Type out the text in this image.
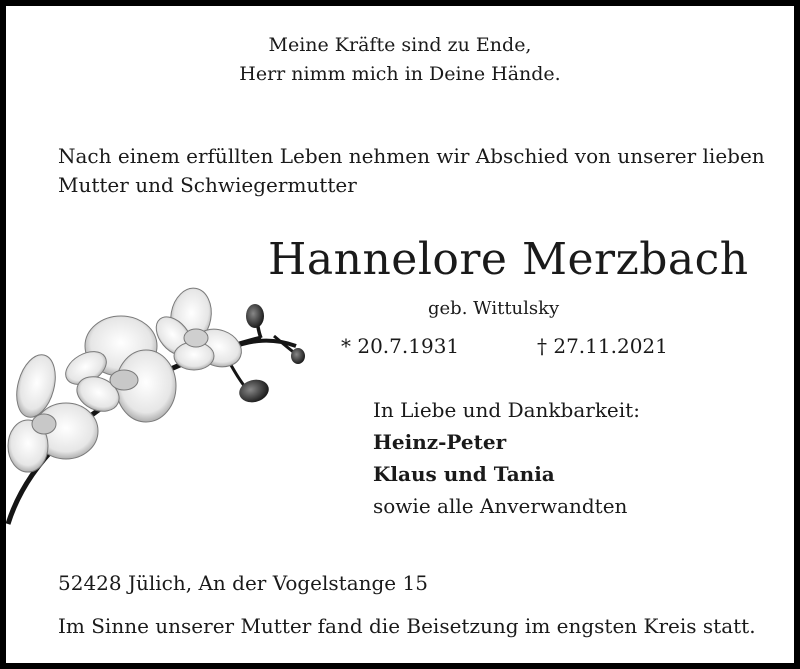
Meine Kräfte sind zu Ende,
Herr nimm mich in Deine Hände.
Nach einem erfüllten Leben nehmen wir Abschied von unserer lieben
Mutter und Schwiegermutter
Hannelore Merzbach
geb. Wittulsky
* 20.7.1931	† 27.11.2021
In Liebe und Dankbarkeit:
Heinz-Peter
Klaus und Tania
sowie alle Anverwandten
52428 Jülich, An der Vogelstange 15
Im Sinne unserer Mutter fand die Beisetzung im engsten Kreis statt.
